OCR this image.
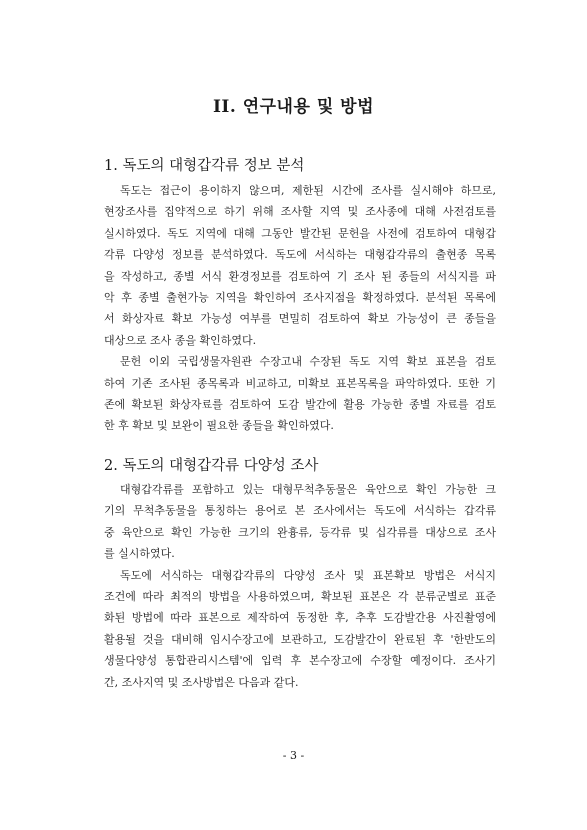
II. 연구내용 및 방법
1. 독도의 대형갑각류 정보 분석
독도는 접근이 용이하지 않으며, 제한된 시간에 조사를 실시해야 하므로,
현장조사를 집약적으로 하기 위해 조사할 지역 및 조사종에 대해 사전검토를
실시하였다. 독도 지역에 대해 그동안 발간된 문헌을 사전에 검토하여 대형갑
각류 다양성 정보를 분석하였다. 독도에 서식하는 대형갑각류의 출현종 목록
을 작성하고, 종별 서식 환경정보를 검토하여 기 조사 된 종들의 서식지를 파
악 후 종별 출현가능 지역을 확인하여 조사지점을 확정하였다. 분석된 목록에
서 화상자료 확보 가능성 여부를 면밀히 검토하여 확보 가능성이 큰 종들을
대상으로 조사 종을 확인하였다.
문헌 이외 국립생물자원관 수장고내 수장된 독도 지역 확보 표본을 검토
하여 기존 조사된 종목록과 비교하고, 미확보 표본목록을 파악하였다. 또한 기
존에 확보된 화상자료를 검토하여 도감 발간에 활용 가능한 종별 자료를 검토
한 후 확보 및 보완이 필요한 종들을 확인하였다.
2. 독도의 대형갑각류 다양성 조사
대형갑각류를 포함하고 있는 대형무척추동물은 육안으로 확인 가능한 크
기의 무척추동물을 통칭하는 용어로 본 조사에서는 독도에 서식하는 갑각류
중 육안으로 확인 가능한 크기의 완흉류, 등각류 및 십각류를 대상으로 조사
를 실시하였다.
독도에 서식하는 대형갑각류의 다양성 조사 및 표본확보 방법은 서식지
조건에 따라 최적의 방법을 사용하였으며, 확보된 표본은 각 분류군별로 표준
화된 방법에 따라 표본으로 제작하여 동정한 후, 추후 도감발간용 사진촬영에
활용될 것을 대비해 임시수장고에 보관하고, 도감발간이 완료된 후 '한반도의
생물다양성 통합관리시스템'에 입력 후 본수장고에 수장할 예정이다. 조사기
간, 조사지역 및 조사방법은 다음과 같다.
- 3 -
